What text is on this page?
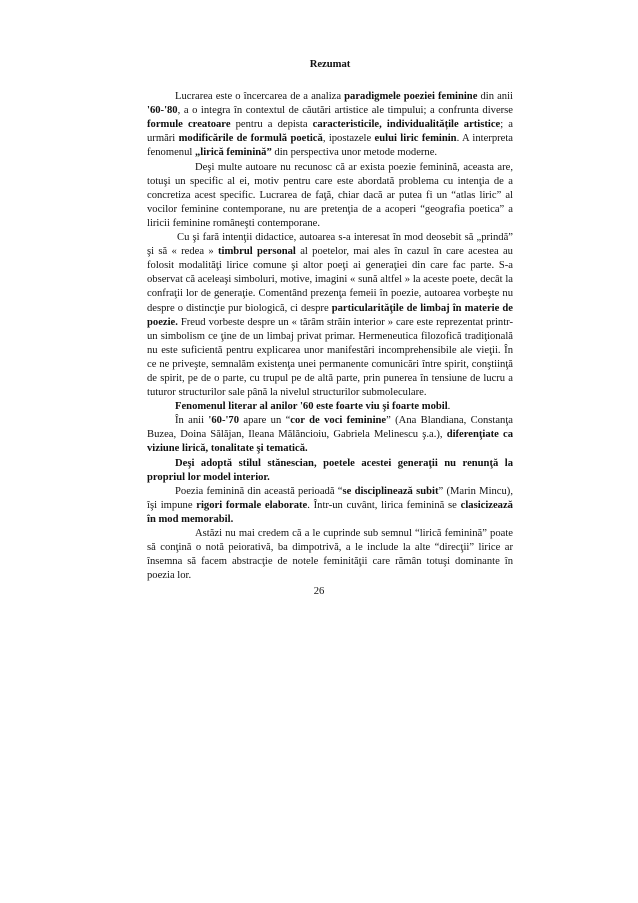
Rezumat

Lucrarea este o încercarea de a analiza paradigmele poeziei feminine din anii '60-'80, a o integra în contextul de căutări artistice ale timpului; a confrunta diverse formule creatoare pentru a depista caracteristicile, individualitățile artistice; a urmări modificările de formulă poetică, ipostazele eului liric feminin. A interpreta fenomenul „lirică feminină” din perspectiva unor metode moderne.

Deşi multe autoare nu recunosc că ar exista poezie feminină, aceasta are, totuşi un specific al ei, motiv pentru care este abordată problema cu intenţia de a concretiza acest specific. Lucrarea de faţă, chiar dacă ar putea fi un “atlas liric” al vocilor feminine contemporane, nu are pretenţia de a acoperi “geografia poetica” a liricii feminine româneşti contemporane.

Cu şi fară intenţii didactice, autoarea s-a interesat în mod deosebit să „prindă” şi să « redea » timbrul personal al poetelor, mai ales în cazul în care acestea au folosit modalităţi lirice comune şi altor poeţi ai generaţiei din care fac parte. S-a observat că aceleaşi simboluri, motive, imagini « sună altfel » la aceste poete, decât la confraţii lor de generaţie. Comentând prezenţa femeii în poezie, autoarea vorbeşte nu despre o distincţie pur biologică, ci despre particularităţile de limbaj în materie de poezie. Freud vorbeste despre un « tărâm străin interior » care este reprezentat printr-un simbolism ce ţine de un limbaj privat primar. Hermeneutica filozofică tradiţională nu este suficientă pentru explicarea unor manifestări incomprehensibile ale vieţii. În ce ne priveşte, semnalăm existenţa unei permanente comunicări între spirit, conştiinţă de spirit, pe de o parte, cu trupul pe de altă parte, prin punerea în tensiune de lucru a tuturor structurilor sale până la nivelul structurilor submoleculare.

Fenomenul literar al anilor '60 este foarte viu şi foarte mobil.

În anii '60-'70 apare un “cor de voci feminine” (Ana Blandiana, Constanţa Buzea, Doina Sălăjan, Ileana Mălăncioiu, Gabriela Melinescu ş.a.), diferenţiate ca viziune lirică, tonalitate şi tematică.

Deşi adoptă stilul stănescian, poetele acestei generaţii nu renunţă la propriul lor model interior.

Poezia feminină din această perioadă “se disciplinează subit” (Marin Mincu), îşi impune rigori formale elaborate. Într-un cuvânt, lirica feminină se clasicizează în mod memorabil.

Astăzi nu mai credem că a le cuprinde sub semnul “lirică feminină” poate să conţină o notă peiorativă, ba dimpotrivă, a le include la alte “direcţii” lirice ar însemna să facem abstracţie de notele feminităţii care rămân totuşi dominante în poezia lor.

26
